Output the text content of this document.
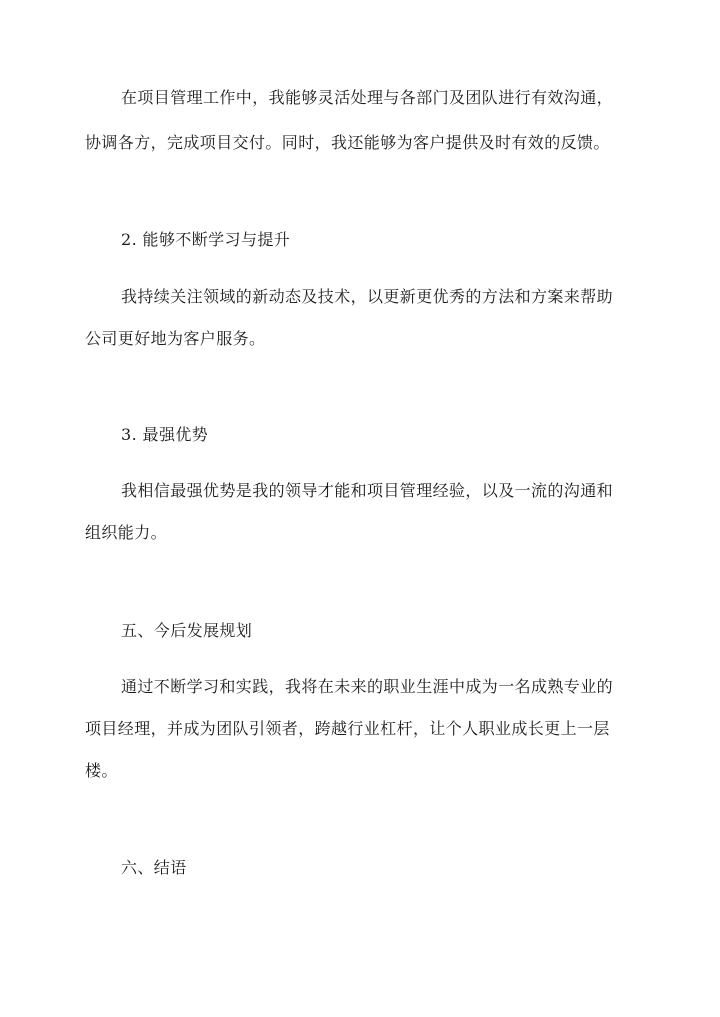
在项目管理工作中，我能够灵活处理与各部门及团队进行有效沟通，
协调各方，完成项目交付。同时，我还能够为客户提供及时有效的反馈。
2. 能够不断学习与提升
我持续关注领域的新动态及技术，以更新更优秀的方法和方案来帮助
公司更好地为客户服务。
3. 最强优势
我相信最强优势是我的领导才能和项目管理经验，以及一流的沟通和
组织能力。
五、今后发展规划
通过不断学习和实践，我将在未来的职业生涯中成为一名成熟专业的
项目经理，并成为团队引领者，跨越行业杠杆，让个人职业成长更上一层
楼。
六、结语
